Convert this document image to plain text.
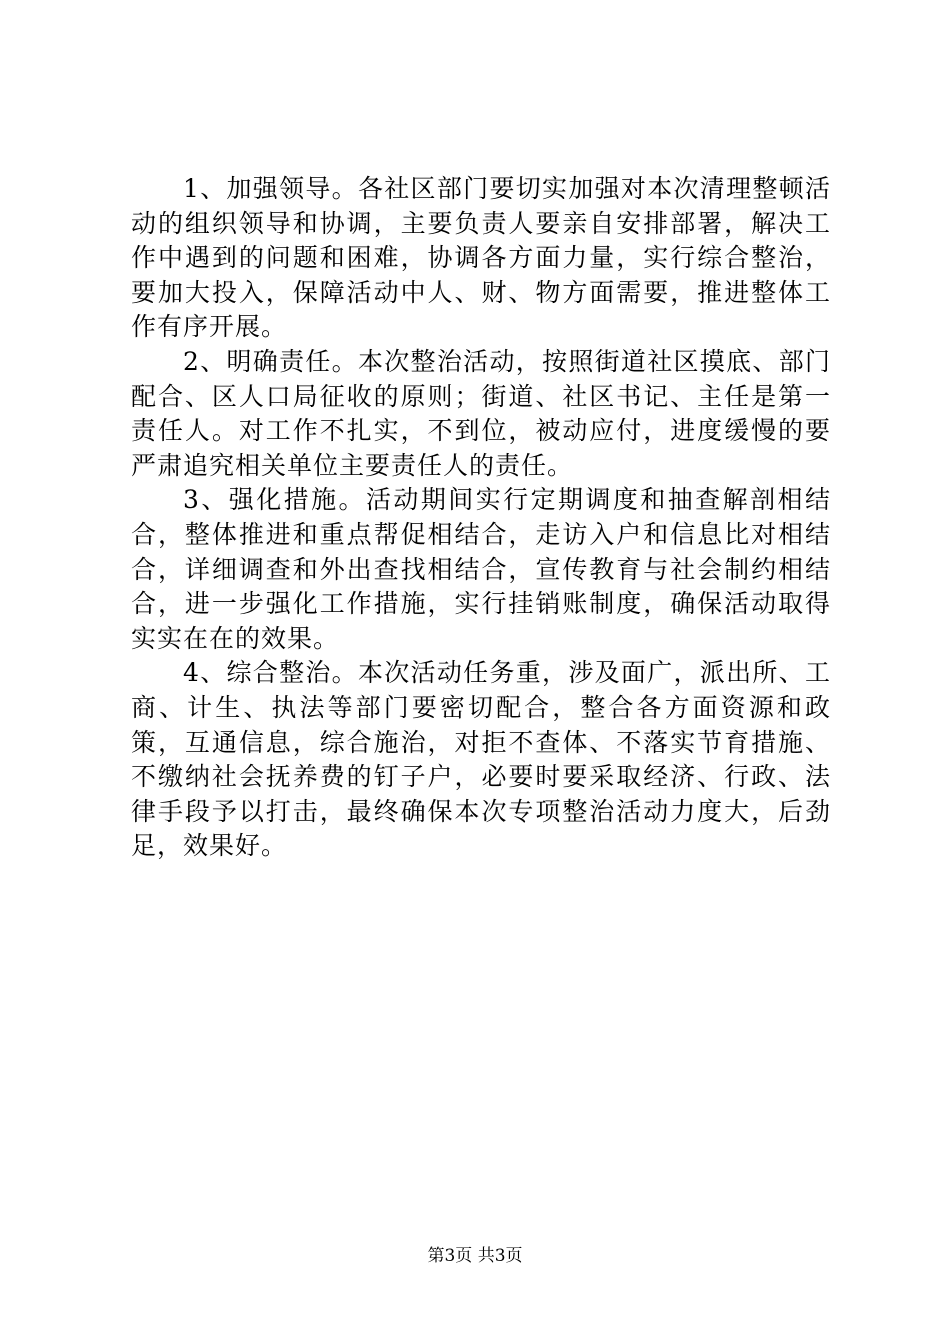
1、加强领导。各社区部门要切实加强对本次清理整顿活动的组织领导和协调，主要负责人要亲自安排部署，解决工作中遇到的问题和困难，协调各方面力量，实行综合整治，要加大投入，保障活动中人、财、物方面需要，推进整体工作有序开展。

2、明确责任。本次整治活动，按照街道社区摸底、部门配合、区人口局征收的原则；街道、社区书记、主任是第一责任人。对工作不扎实，不到位，被动应付，进度缓慢的要严肃追究相关单位主要责任人的责任。

3、强化措施。活动期间实行定期调度和抽查解剖相结合，整体推进和重点帮促相结合，走访入户和信息比对相结合，详细调查和外出查找相结合，宣传教育与社会制约相结合，进一步强化工作措施，实行挂销账制度，确保活动取得实实在在的效果。

4、综合整治。本次活动任务重，涉及面广，派出所、工商、计生、执法等部门要密切配合，整合各方面资源和政策，互通信息，综合施治，对拒不查体、不落实节育措施、不缴纳社会抚养费的钉子户，必要时要采取经济、行政、法律手段予以打击，最终确保本次专项整治活动力度大，后劲足，效果好。

第3页 共3页
